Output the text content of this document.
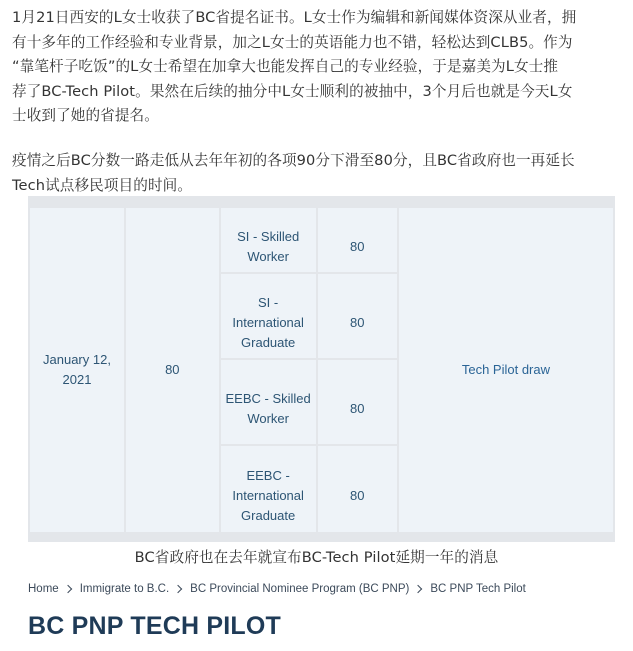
1月21日西安的L女士收获了BC省提名证书。L女士作为编辑和新闻媒体资深从业者，拥
有十多年的工作经验和专业背景，加之L女士的英语能力也不错，轻松达到CLB5。作为
“靠笔杆子吃饭”的L女士希望在加拿大也能发挥自己的专业经验，于是嘉美为L女士推
荐了BC-Tech Pilot。果然在后续的抽分中L女士顺利的被抽中，3个月后也就是今天L女
士收到了她的省提名。
疫情之后BC分数一路走低从去年年初的各项90分下滑至80分，且BC省政府也一再延长
Tech试点移民项目的时间。
January 12, 2021	80	SI - Skilled Worker	80	Tech Pilot draw
		SI - International Graduate	80	
		EEBC - Skilled Worker	80	
		EEBC - International Graduate	80	
BC省政府也在去年就宣布BC-Tech Pilot延期一年的消息
Home Immigrate to B.C. BC Provincial Nominee Program (BC PNP) BC PNP Tech Pilot
BC PNP TECH PILOT
